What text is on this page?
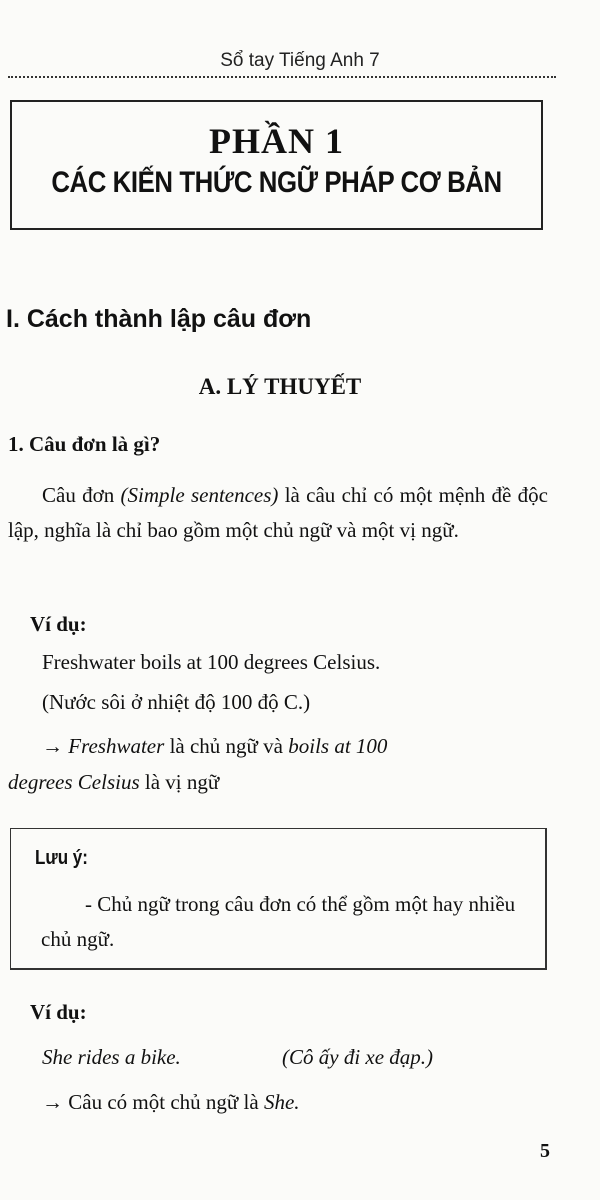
Sổ tay Tiếng Anh 7
PHẦN 1
CÁC KIẾN THỨC NGỮ PHÁP CƠ BẢN
I. Cách thành lập câu đơn
A. LÝ THUYẾT
1. Câu đơn là gì?
Câu đơn (Simple sentences) là câu chỉ có một mệnh đề độc lập, nghĩa là chỉ bao gồm một chủ ngữ và một vị ngữ.
Ví dụ:
Freshwater boils at 100 degrees Celsius.
(Nước sôi ở nhiệt độ 100 độ C.)
→ Freshwater là chủ ngữ và boils at 100
degrees Celsius là vị ngữ
Lưu ý:
- Chủ ngữ trong câu đơn có thể gồm một hay nhiều chủ ngữ.
Ví dụ:
She rides a bike.	(Cô ấy đi xe đạp.)
→ Câu có một chủ ngữ là She.
5
